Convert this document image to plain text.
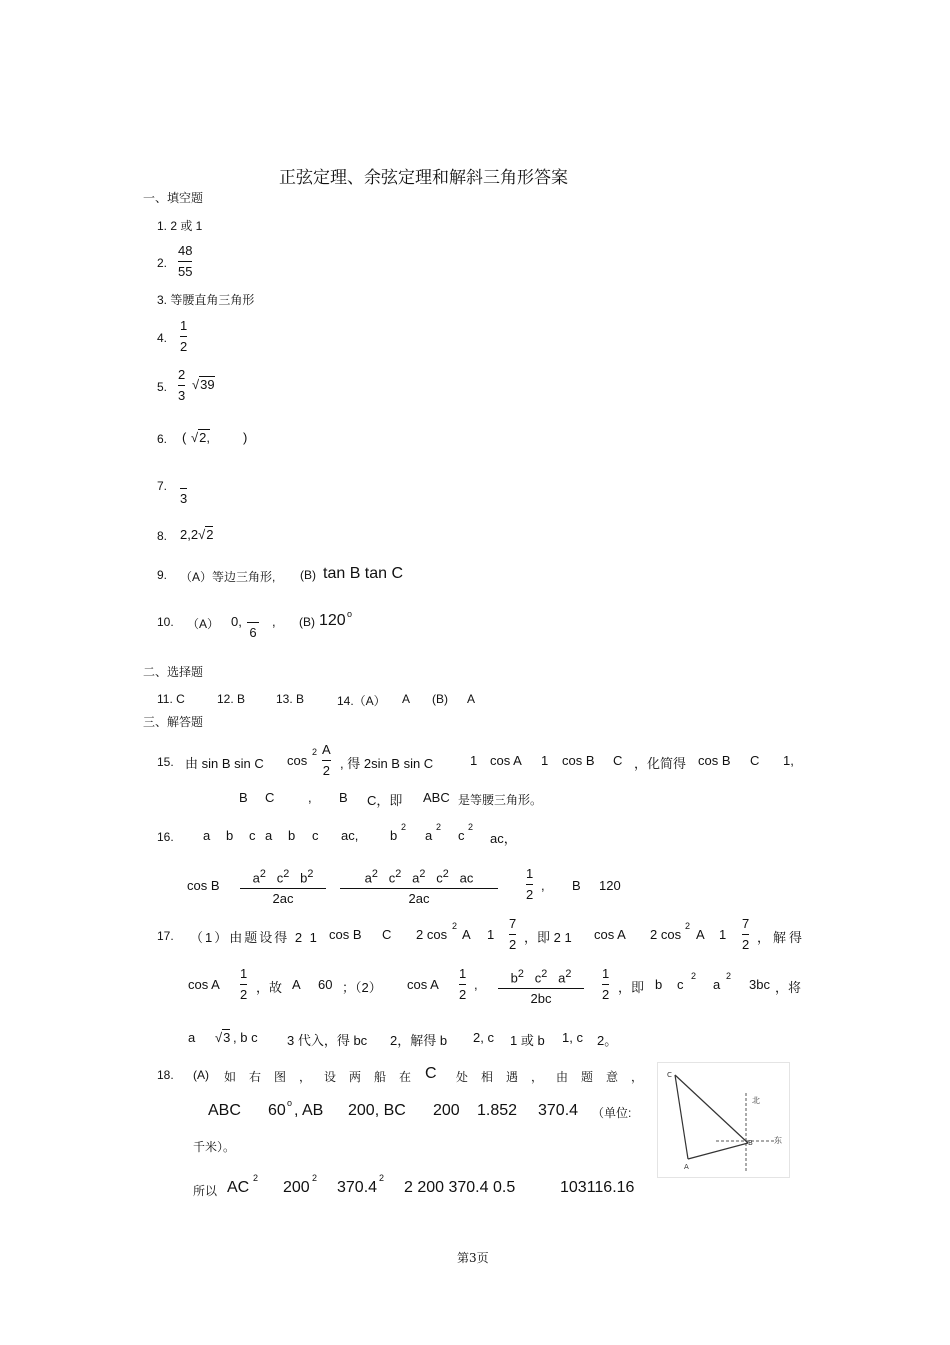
正弦定理、余弦定理和解斜三角形答案
一、填空题
1. 2 或 1
2.
48
55
3. 等腰直角三角形
4.
1
2
5.
2
3
√39
6. ( √2,	)
7.

3
8. 2,2√2
9. （A）等边三角形, (B) tan B tan C
10. （A） 0,

6
, (B) 120 o
二、选择题
11. C	12. B	13. B	14.（A） A (B) A
三、解答题
15. 由 sin B sin C cos
2 A
2 , 得 2sin B sin C	1 cos A 1 cos B C ，化简得 cos B C 1,
B C	, B C，即 ABC 是等腰三角形。
16. a b c a b c ac, b
2
a
2
c
2
ac，
cos B
$a^2$ $c^2$ $b^2$
2ac
$a^2$ $c^2$ $a^2$ $c^2$ ac
2ac
1
2
, B 120
17. （1）由题设得 2 1 cos B C 2 cos
2
A 1
7
2 ，即 2 1 cos A 2 cos
2
A 1
7
2 ，解得
cos A
1
2 ，故 A 60 ；（2） cos A
1
2
,	$b^2$ $c^2$ $a^2$
2bc
1
2 ，即 b c
2
a
2
3bc ，将
a √3 , b c 3 代入，得 bc 2，解得 b 2, c 1 或 b 1, c 2。
18. (A) 如 右 图 ， 设 两 船 在 C 处 相 遇 ， 由 题 意 ，
ABC 60 o , AB 200, BC 200 1.852 370.4 （单位:
千米）。
所以 AC
2
200
2
370.4
2
2 200 370.4 0.5	103116.16
C
A
B
北
东
第3页
